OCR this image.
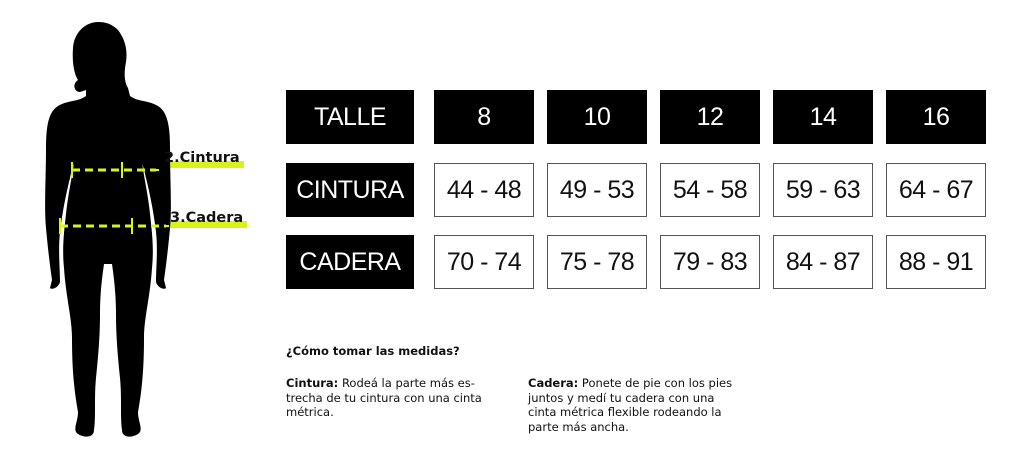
2.Cintura
3.Cadera
TALLE	8	10	12	14	16
CINTURA	44 - 48	49 - 53	54 - 58	59 - 63	64 - 67
CADERA	70 - 74	75 - 78	79 - 83	84 - 87	88 - 91
¿Cómo tomar las medidas?
Cintura: Rodeá la parte más es-
trecha de tu cintura con una cinta
métrica.
Cadera: Ponete de pie con los pies
juntos y medí tu cadera con una
cinta métrica flexible rodeando la
parte más ancha.
